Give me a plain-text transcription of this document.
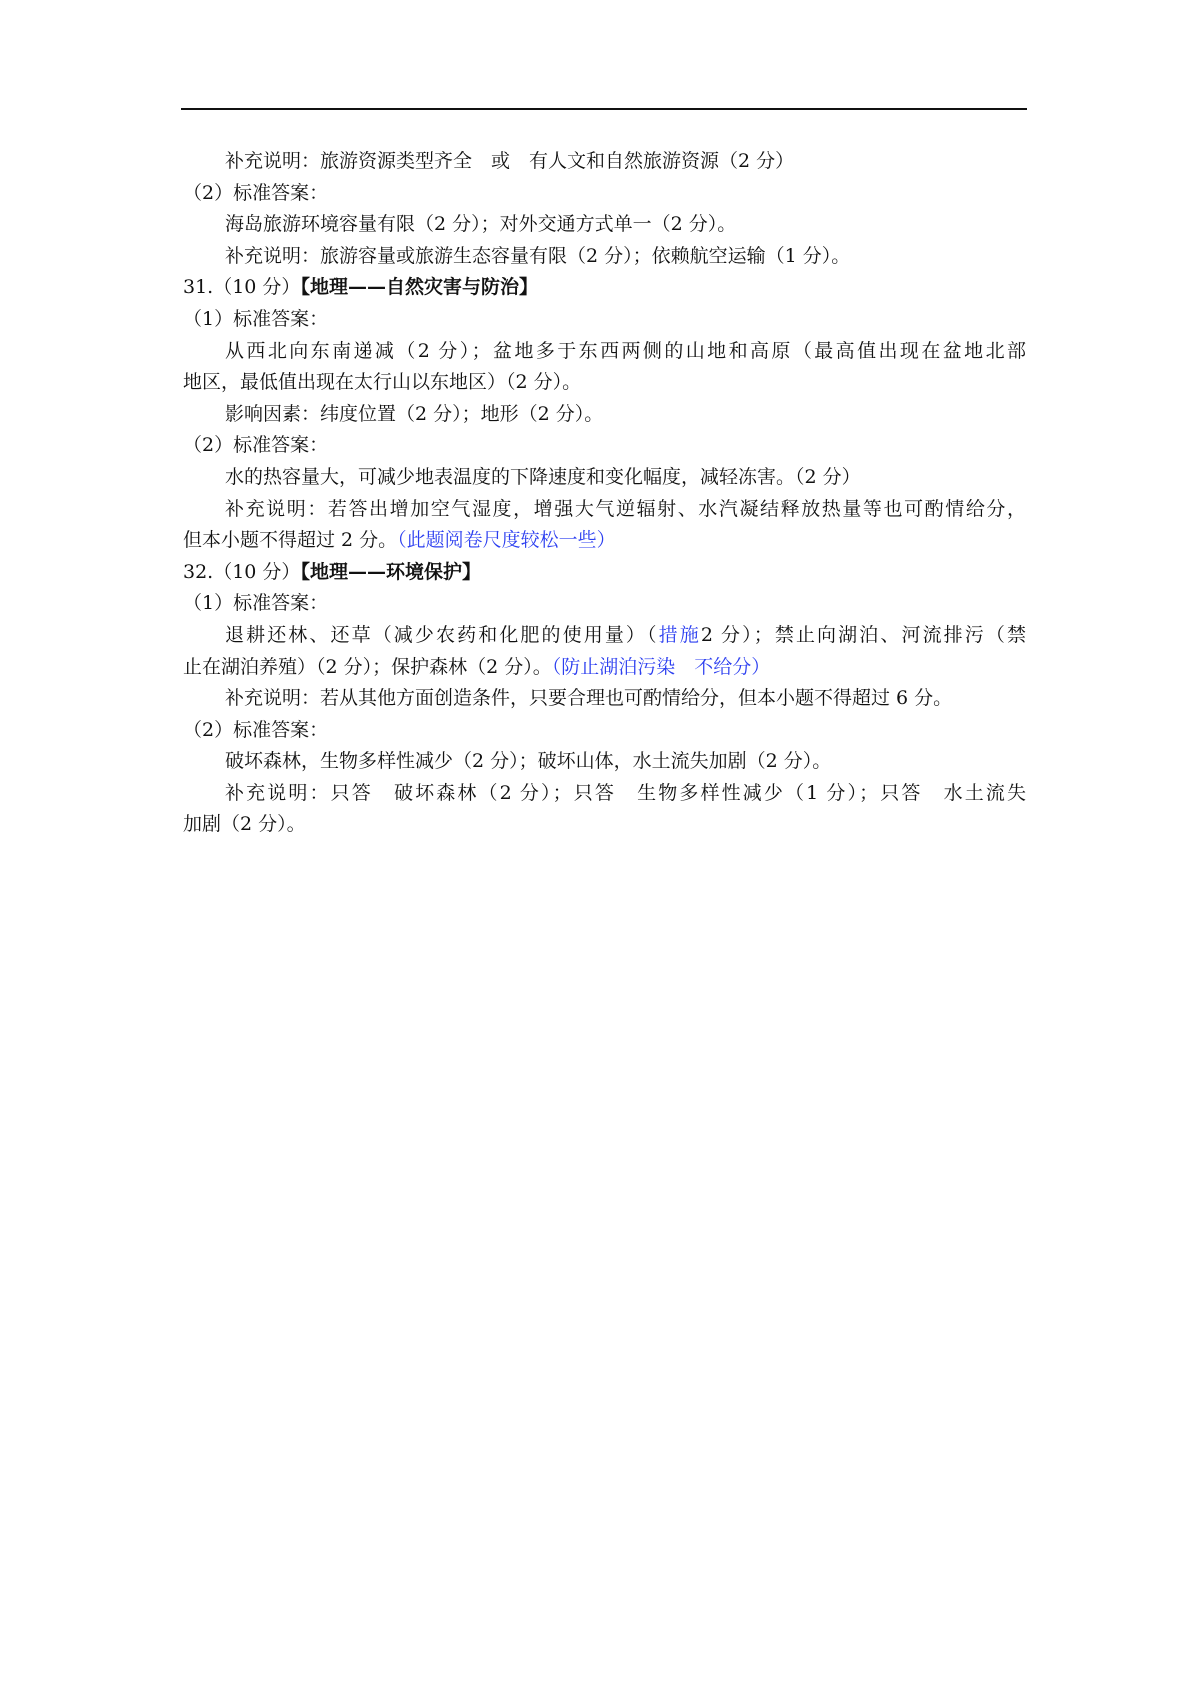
补充说明：旅游资源类型齐全　或　有人文和自然旅游资源（2 分）
（2）标准答案：
海岛旅游环境容量有限（2 分）；对外交通方式单一（2 分）。
补充说明：旅游容量或旅游生态容量有限（2 分）；依赖航空运输（1 分）。
31.（10 分）【地理——自然灾害与防治】
（1）标准答案：
从西北向东南递减（2 分）；盆地多于东西两侧的山地和高原（最高值出现在盆地北部
地区，最低值出现在太行山以东地区）（2 分）。
影响因素：纬度位置（2 分）；地形（2 分）。
（2）标准答案：
水的热容量大，可减少地表温度的下降速度和变化幅度，减轻冻害。（2 分）
补充说明：若答出增加空气湿度，增强大气逆辐射、水汽凝结释放热量等也可酌情给分，
但本小题不得超过 2 分。（此题阅卷尺度较松一些）
32.（10 分）【地理——环境保护】
（1）标准答案：
退耕还林、还草（减少农药和化肥的使用量）（措施2 分）；禁止向湖泊、河流排污（禁
止在湖泊养殖）（2 分）；保护森林（2 分）。（防止湖泊污染　不给分）
补充说明：若从其他方面创造条件，只要合理也可酌情给分，但本小题不得超过 6 分。
（2）标准答案：
破坏森林，生物多样性减少（2 分）；破坏山体，水土流失加剧（2 分）。
补充说明：只答　破坏森林（2 分）；只答　生物多样性减少（1 分）；只答　水土流失
加剧（2 分）。
